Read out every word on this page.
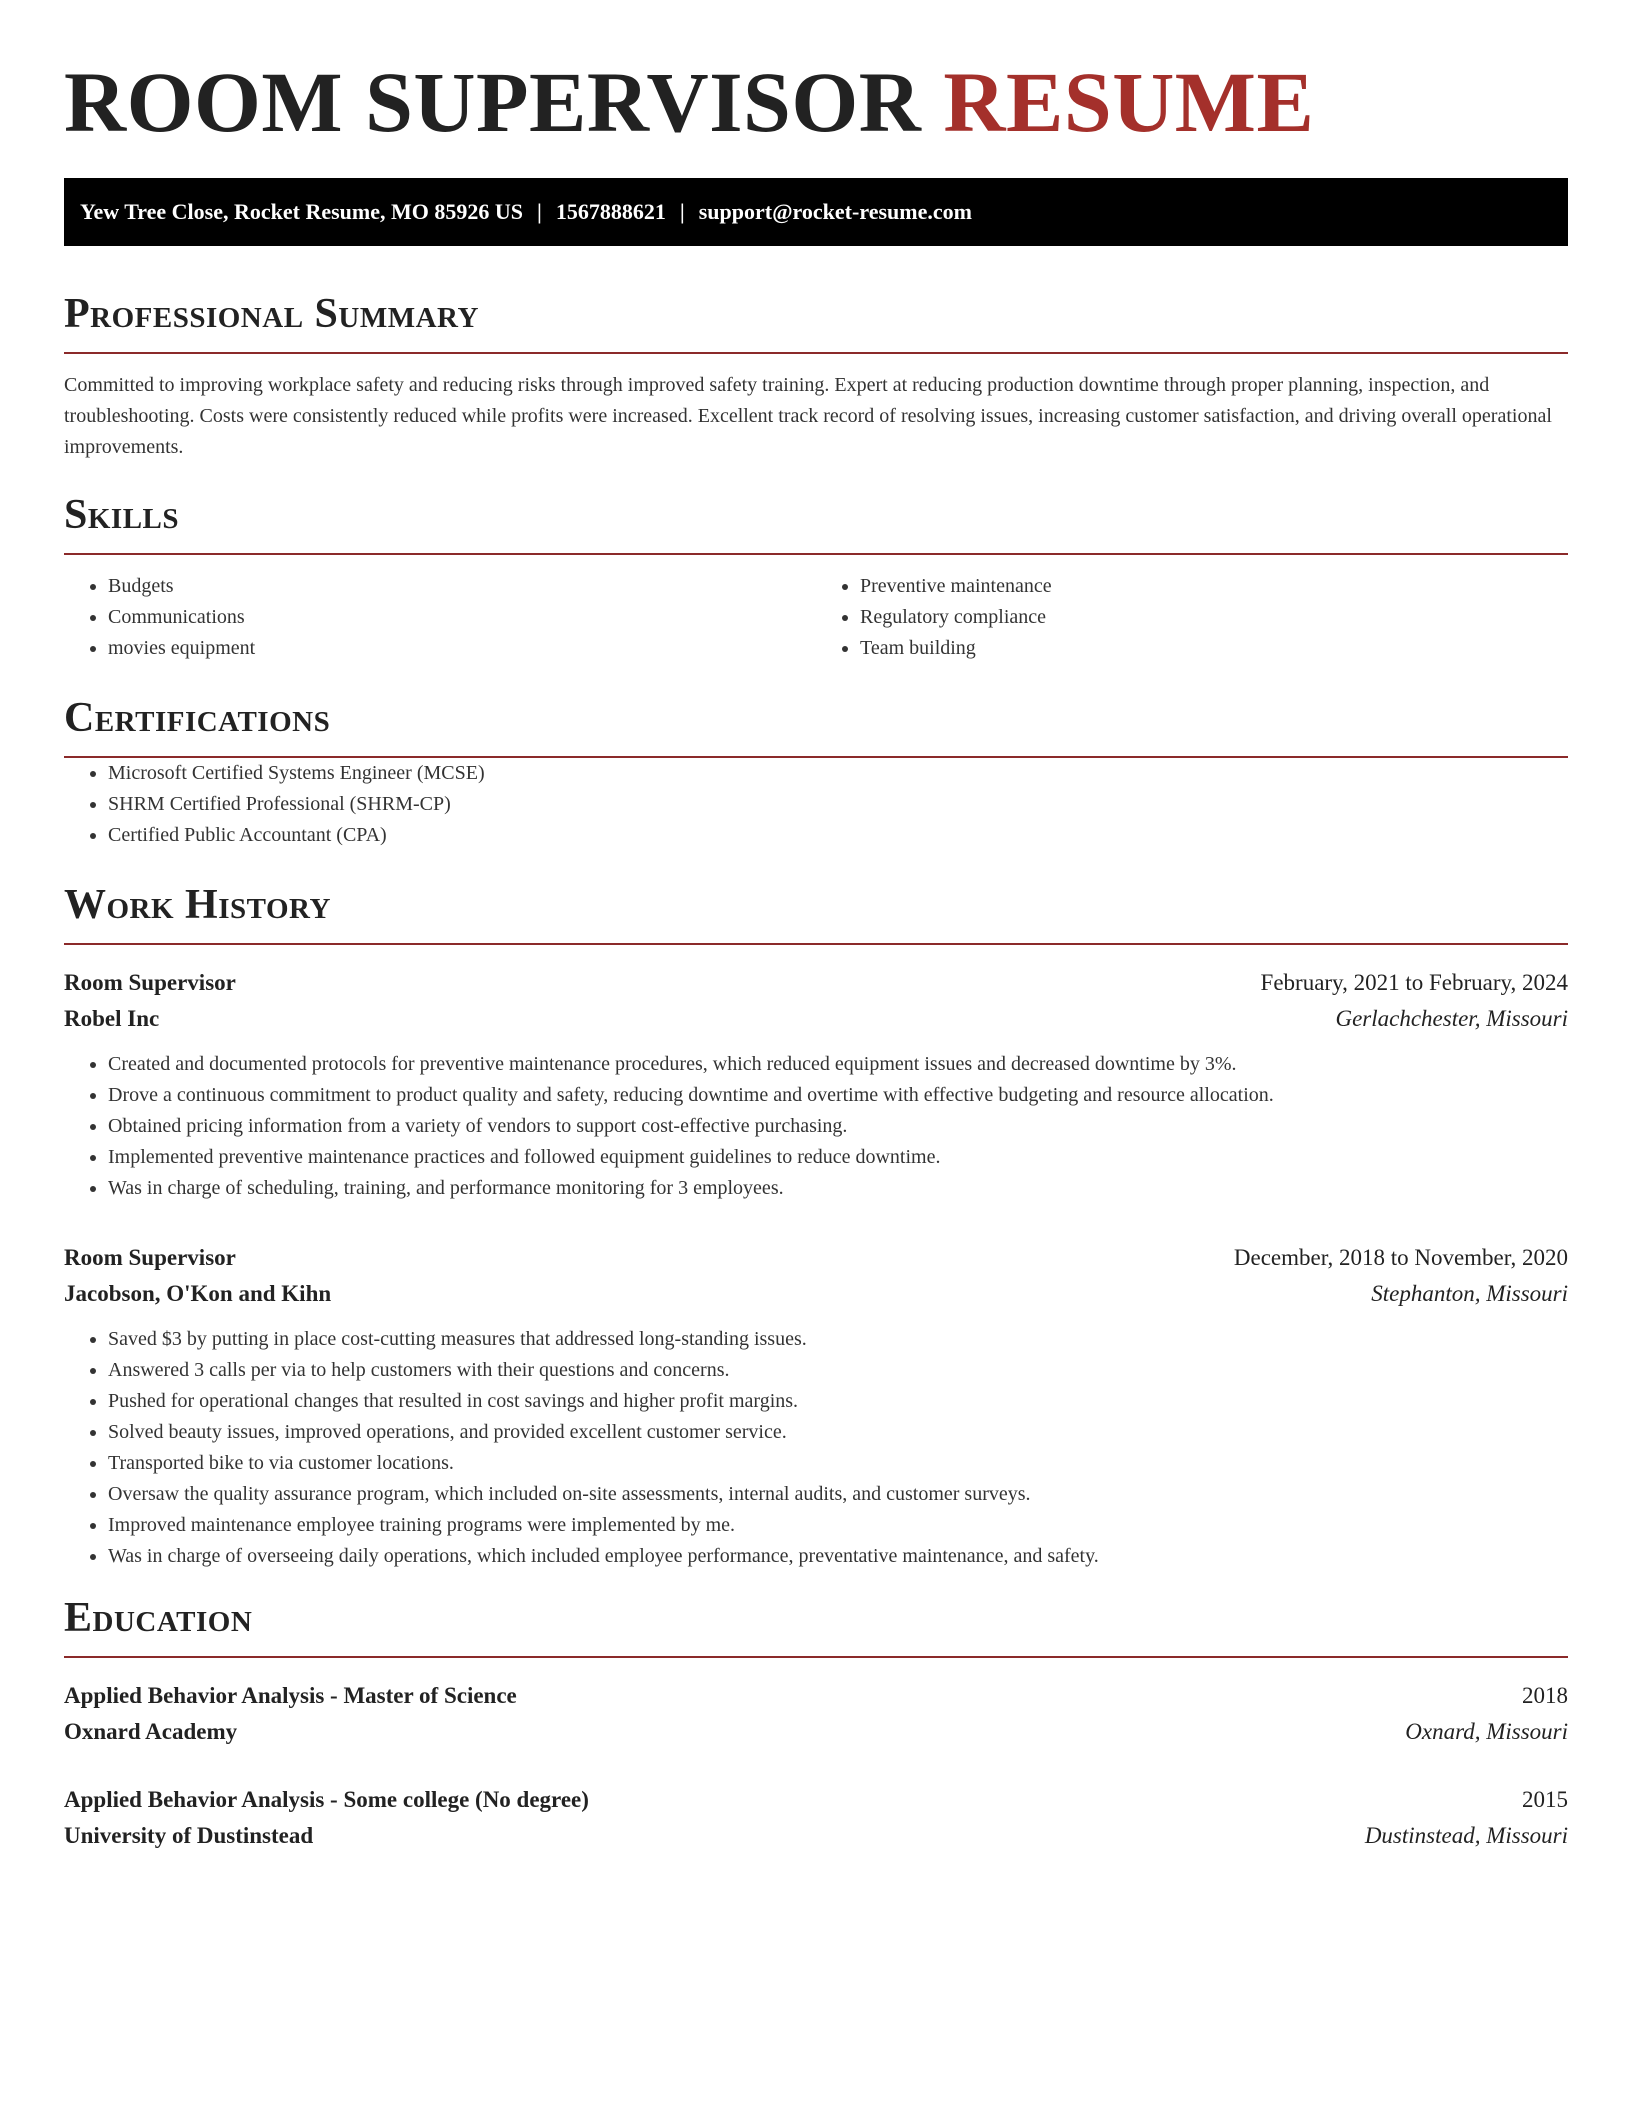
ROOM SUPERVISOR RESUME
Yew Tree Close, Rocket Resume, MO 85926 US | 1567888621 | support@rocket-resume.com
Professional Summary

Committed to improving workplace safety and reducing risks through improved safety training. Expert at reducing production downtime through proper planning, inspection, and troubleshooting. Costs were consistently reduced while profits were increased. Excellent track record of resolving issues, increasing customer satisfaction, and driving overall operational improvements.

Skills
• Budgets
• Communications
• movies equipment
• Preventive maintenance
• Regulatory compliance
• Team building
Certifications
• Microsoft Certified Systems Engineer (MCSE)
• SHRM Certified Professional (SHRM-CP)
• Certified Public Accountant (CPA)
Work History
Room Supervisor	February, 2021 to February, 2024
Robel Inc	Gerlachchester, Missouri
• Created and documented protocols for preventive maintenance procedures, which reduced equipment issues and decreased downtime by 3%.
• Drove a continuous commitment to product quality and safety, reducing downtime and overtime with effective budgeting and resource allocation.
• Obtained pricing information from a variety of vendors to support cost-effective purchasing.
• Implemented preventive maintenance practices and followed equipment guidelines to reduce downtime.
• Was in charge of scheduling, training, and performance monitoring for 3 employees.
Room Supervisor	December, 2018 to November, 2020
Jacobson, O'Kon and Kihn	Stephanton, Missouri
• Saved $3 by putting in place cost-cutting measures that addressed long-standing issues.
• Answered 3 calls per via to help customers with their questions and concerns.
• Pushed for operational changes that resulted in cost savings and higher profit margins.
• Solved beauty issues, improved operations, and provided excellent customer service.
• Transported bike to via customer locations.
• Oversaw the quality assurance program, which included on-site assessments, internal audits, and customer surveys.
• Improved maintenance employee training programs were implemented by me.
• Was in charge of overseeing daily operations, which included employee performance, preventative maintenance, and safety.
Education
Applied Behavior Analysis - Master of Science	2018
Oxnard Academy	Oxnard, Missouri
Applied Behavior Analysis - Some college (No degree)	2015
University of Dustinstead	Dustinstead, Missouri
